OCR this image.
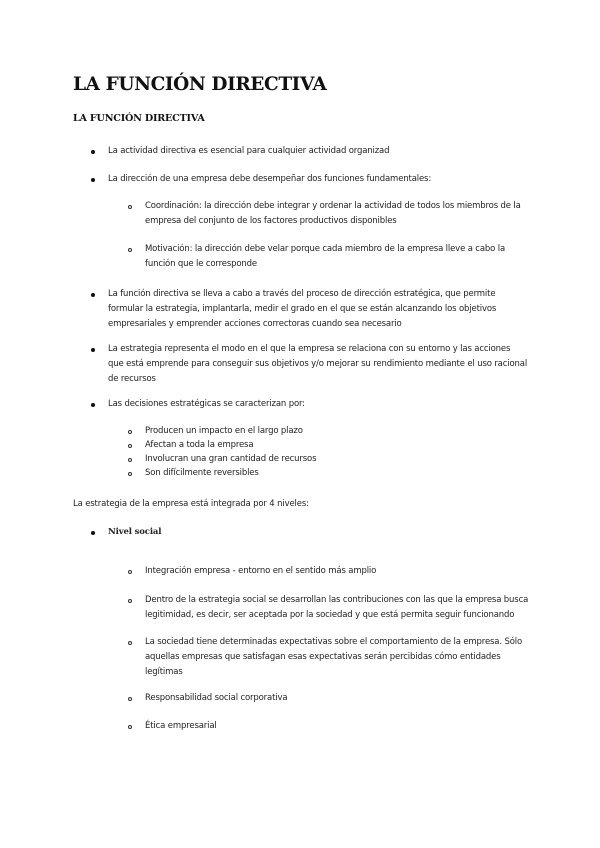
LA FUNCIÓN DIRECTIVA
LA FUNCIÓN DIRECTIVA

La actividad directiva es esencial para cualquier actividad organizad

La dirección de una empresa debe desempeñar dos funciones fundamentales:

Coordinación: la dirección debe integrar y ordenar la actividad de todos los miembros de la empresa del conjunto de los factores productivos disponibles

Motivación: la dirección debe velar porque cada miembro de la empresa lleve a cabo la función que le corresponde

La función directiva se lleva a cabo a través del proceso de dirección estratégica, que permite formular la estrategia, implantarla, medir el grado en el que se están alcanzando los objetivos empresariales y emprender acciones correctoras cuando sea necesario

La estrategia representa el modo en el que la empresa se relaciona con su entorno y las acciones que está emprende para conseguir sus objetivos y/o mejorar su rendimiento mediante el uso racional de recursos

Las decisiones estratégicas se caracterizan por:

Producen un impacto en el largo plazo

Afectan a toda la empresa

Involucran una gran cantidad de recursos

Son difícilmente reversibles

La estrategia de la empresa está integrada por 4 niveles:

Nivel social

Integración empresa - entorno en el sentido más amplio

Dentro de la estrategia social se desarrollan las contribuciones con las que la empresa busca legitimidad, es decir, ser aceptada por la sociedad y que está permita seguir funcionando

La sociedad tiene determinadas expectativas sobre el comportamiento de la empresa. Sólo aquellas empresas que satisfagan esas expectativas serán percibidas cómo entidades legítimas

Responsabilidad social corporativa

Ética empresarial
